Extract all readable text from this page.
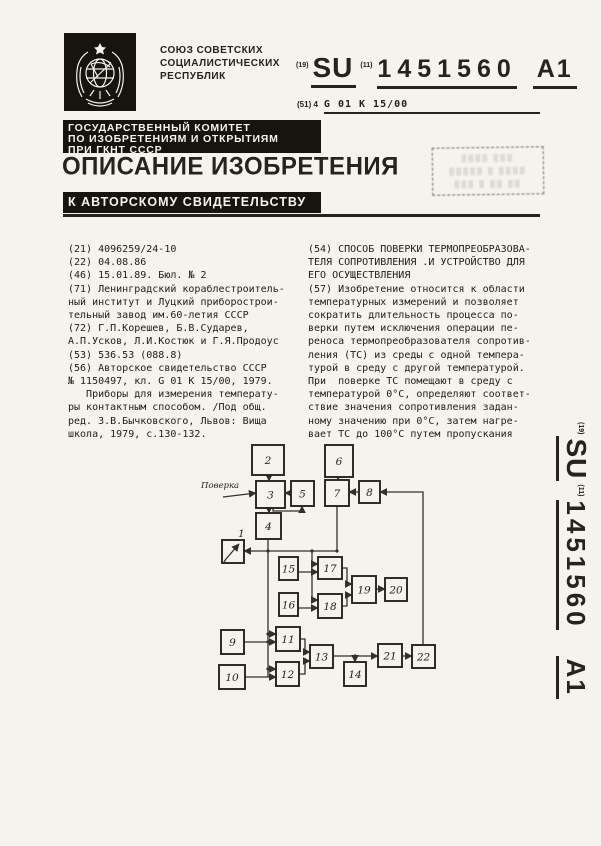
СОЮЗ СОВЕТСКИХ
СОЦИАЛИСТИЧЕСКИХ
РЕСПУБЛИК
(19) SU	(11) 1451560 A1
(51) 4 G 01 K 15/00
ГОСУДАРСТВЕННЫЙ КОМИТЕТ
ПО ИЗОБРЕТЕНИЯМ И ОТКРЫТИЯМ
ПРИ ГКНТ СССР
▒▒▒▒ ▒▒▒
▒▒▒▒▒ ▒ ▒▒▒▒
▒▒▒ ▒ ▒▒ ▒▒
ОПИСАНИЕ ИЗОБРЕТЕНИЯ
К АВТОРСКОМУ СВИДЕТЕЛЬСТВУ
(21) 4096259/24-10
(22) 04.08.86
(46) 15.01.89. Бюл. № 2
(71) Ленинградский кораблестроитель-
ный институт и Луцкий приборострои-
тельный завод им.60-летия СССР
(72) Г.П.Корешев, Б.В.Сударев,
А.П.Усков, Л.И.Костюк и Г.Я.Продоус
(53) 536.53 (088.8)
(56) Авторское свидетельство СССР
№ 1150497, кл. G 01 K 15/00, 1979.
Приборы для измерения температу-
ры контактным способом. /Под общ.
ред. З.В.Бычковского, Львов: Вища
школа, 1979, с.130-132.
(54) СПОСОБ ПОВЕРКИ ТЕРМОПРЕОБРАЗОВА-
ТЕЛЯ СОПРОТИВЛЕНИЯ .И УСТРОЙСТВО ДЛЯ
ЕГО ОСУЩЕСТВЛЕНИЯ
(57) Изобретение относится к области
температурных измерений и позволяет
сократить длительность процесса по-
верки путем исключения операции пе-
реноса термопреобразователя сопротив-
ления (ТС) из среды с одной темпера-
турой в среду с другой температурой.
При  поверке ТС помещают в среду с
температурой 0°С, определяют соответ-
ствие значения сопротивления задан-
ному значению при 0°С, затем нагре-
вает ТС до 100°С путем пропускания
1
2
3
4
5
6
7 8
9
10
11
12
13
14
15
16
17
18
19 20
21 22
Поверка
(19)
SU
(11)
1451560
A1
